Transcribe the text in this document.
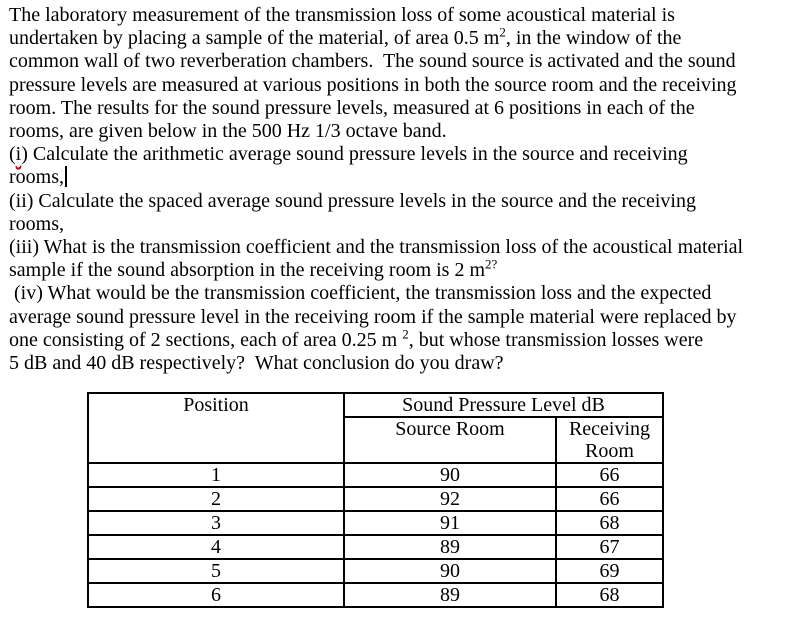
The laboratory measurement of the transmission loss of some acoustical material is
undertaken by placing a sample of the material, of area 0.5 $m^2$, in the window of the
common wall of two reverberation chambers.  The sound source is activated and the sound
pressure levels are measured at various positions in both the source room and the receiving
room. The results for the sound pressure levels, measured at 6 positions in each of the
rooms, are given below in the 500 Hz 1/3 octave band.
(i) Calculate the arithmetic average sound pressure levels in the source and receiving
rooms,
(ii) Calculate the spaced average sound pressure levels in the source and the receiving
rooms,
(iii) What is the transmission coefficient and the transmission loss of the acoustical material
sample if the sound absorption in the receiving room is 2 $m^{2?}$
(iv) What would be the transmission coefficient, the transmission loss and the expected
average sound pressure level in the receiving room if the sample material were replaced by
one consisting of 2 sections, each of area 0.25 m $^2$, but whose transmission losses were
5 dB and 40 dB respectively?  What conclusion do you draw?
Position	Sound Pressure Level dB	
	Source Room	Receiving Room
1	90	66
2	92	66
3	91	68
4	89	67
5	90	69
6	89	68
